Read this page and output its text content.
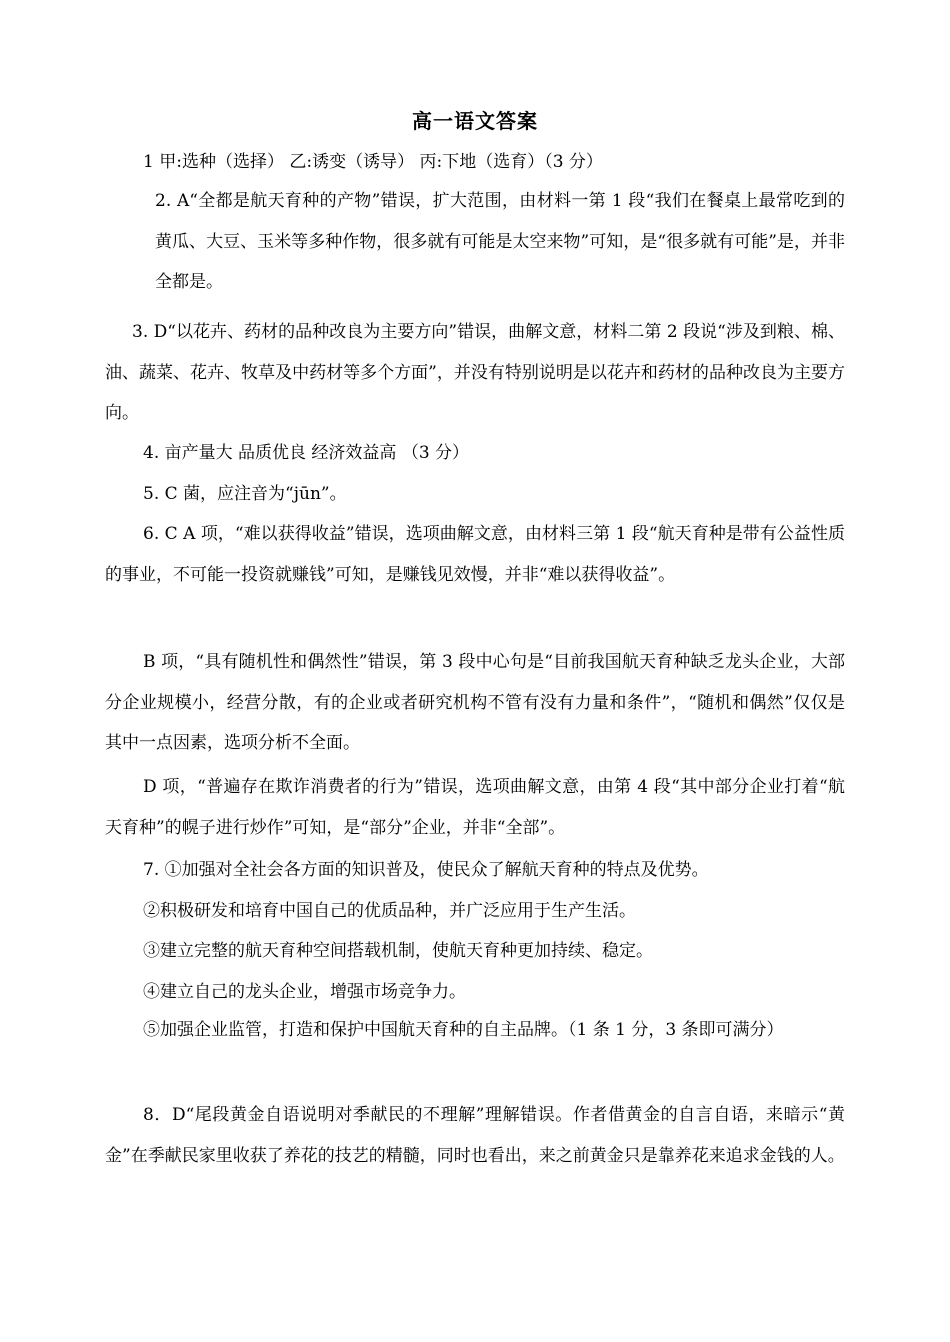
高一语文答案
1 甲:选种（选择） 乙:诱变（诱导） 丙:下地（选育）（3 分）
2. A“全都是航天育种的产物”错误，扩大范围，由材料一第 1 段“我们在餐桌上最常吃到的黄瓜、大豆、玉米等多种作物，很多就有可能是太空来物”可知，是“很多就有可能”是，并非全都是。
3. D“以花卉、药材的品种改良为主要方向”错误，曲解文意，材料二第 2 段说“涉及到粮、棉、油、蔬菜、花卉、牧草及中药材等多个方面”，并没有特别说明是以花卉和药材的品种改良为主要方向。
4. 亩产量大 品质优良 经济效益高 （3 分）
5. C 菌，应注音为“jūn”。
6. C A 项，“难以获得收益”错误，选项曲解文意，由材料三第 1 段“航天育种是带有公益性质的事业，不可能一投资就赚钱”可知，是赚钱见效慢，并非“难以获得收益”。
B 项，“具有随机性和偶然性”错误，第 3 段中心句是“目前我国航天育种缺乏龙头企业，大部分企业规模小，经营分散，有的企业或者研究机构不管有没有力量和条件”，“随机和偶然”仅仅是其中一点因素，选项分析不全面。
D 项，“普遍存在欺诈消费者的行为”错误，选项曲解文意，由第 4 段“其中部分企业打着“航天育种”的幌子进行炒作”可知，是“部分”企业，并非“全部”。
7. ①加强对全社会各方面的知识普及，使民众了解航天育种的特点及优势。
②积极研发和培育中国自己的优质品种，并广泛应用于生产生活。
③建立完整的航天育种空间搭载机制，使航天育种更加持续、稳定。
④建立自己的龙头企业，增强市场竞争力。
⑤加强企业监管，打造和保护中国航天育种的自主品牌。（1 条 1 分，3 条即可满分）
8．D“尾段黄金自语说明对季献民的不理解”理解错误。作者借黄金的自言自语，来暗示“黄金”在季献民家里收获了养花的技艺的精髓，同时也看出，来之前黄金只是靠养花来追求金钱的人。
